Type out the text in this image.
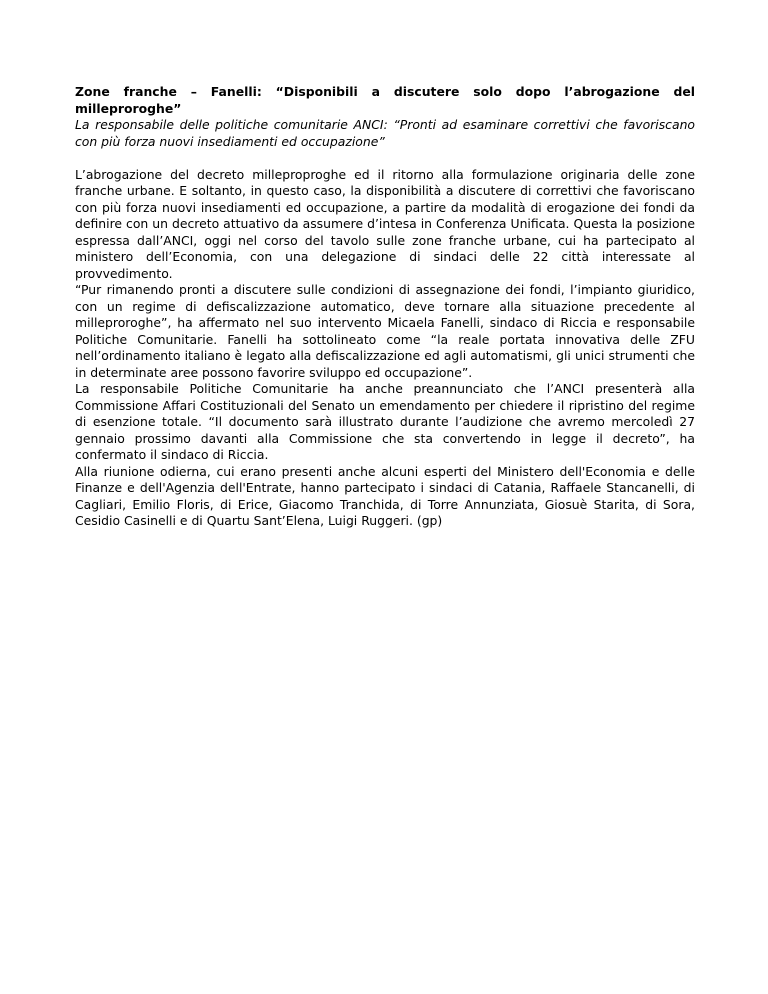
Zone franche – Fanelli: “Disponibili a discutere solo dopo l’abrogazione del milleproroghe”

La responsabile delle politiche comunitarie ANCI: “Pronti ad esaminare correttivi che favoriscano con più forza nuovi insediamenti ed occupazione”

L’abrogazione del decreto milleproproghe ed il ritorno alla formulazione originaria delle zone franche urbane. E soltanto, in questo caso, la disponibilità a discutere di correttivi che favoriscano con più forza nuovi insediamenti ed occupazione, a partire da modalità di erogazione dei fondi da definire con un decreto attuativo da assumere d’intesa in Conferenza Unificata. Questa la posizione espressa dall’ANCI, oggi nel corso del tavolo sulle zone franche urbane, cui ha partecipato al ministero dell’Economia, con una delegazione di sindaci delle 22 città interessate al provvedimento.

“Pur rimanendo pronti a discutere sulle condizioni di assegnazione dei fondi, l’impianto giuridico, con un regime di defiscalizzazione automatico, deve tornare alla situazione precedente al milleproroghe”, ha affermato nel suo intervento Micaela Fanelli, sindaco di Riccia e responsabile Politiche Comunitarie. Fanelli ha sottolineato come “la reale portata innovativa delle ZFU nell’ordinamento italiano è legato alla defiscalizzazione ed agli automatismi, gli unici strumenti che in determinate aree possono favorire sviluppo ed occupazione”.

La responsabile Politiche Comunitarie ha anche preannunciato che l’ANCI presenterà alla Commissione Affari Costituzionali del Senato un emendamento per chiedere il ripristino del regime di esenzione totale. “Il documento sarà illustrato durante l’audizione che avremo mercoledì 27 gennaio prossimo davanti alla Commissione che sta convertendo in legge il decreto”, ha confermato il sindaco di Riccia.

Alla riunione odierna, cui erano presenti anche alcuni esperti del Ministero dell'Economia e delle Finanze e dell'Agenzia dell'Entrate, hanno partecipato i sindaci di Catania, Raffaele Stancanelli, di Cagliari, Emilio Floris, di Erice, Giacomo Tranchida, di Torre Annunziata, Giosuè Starita, di Sora, Cesidio Casinelli e di Quartu Sant’Elena, Luigi Ruggeri. (gp)
